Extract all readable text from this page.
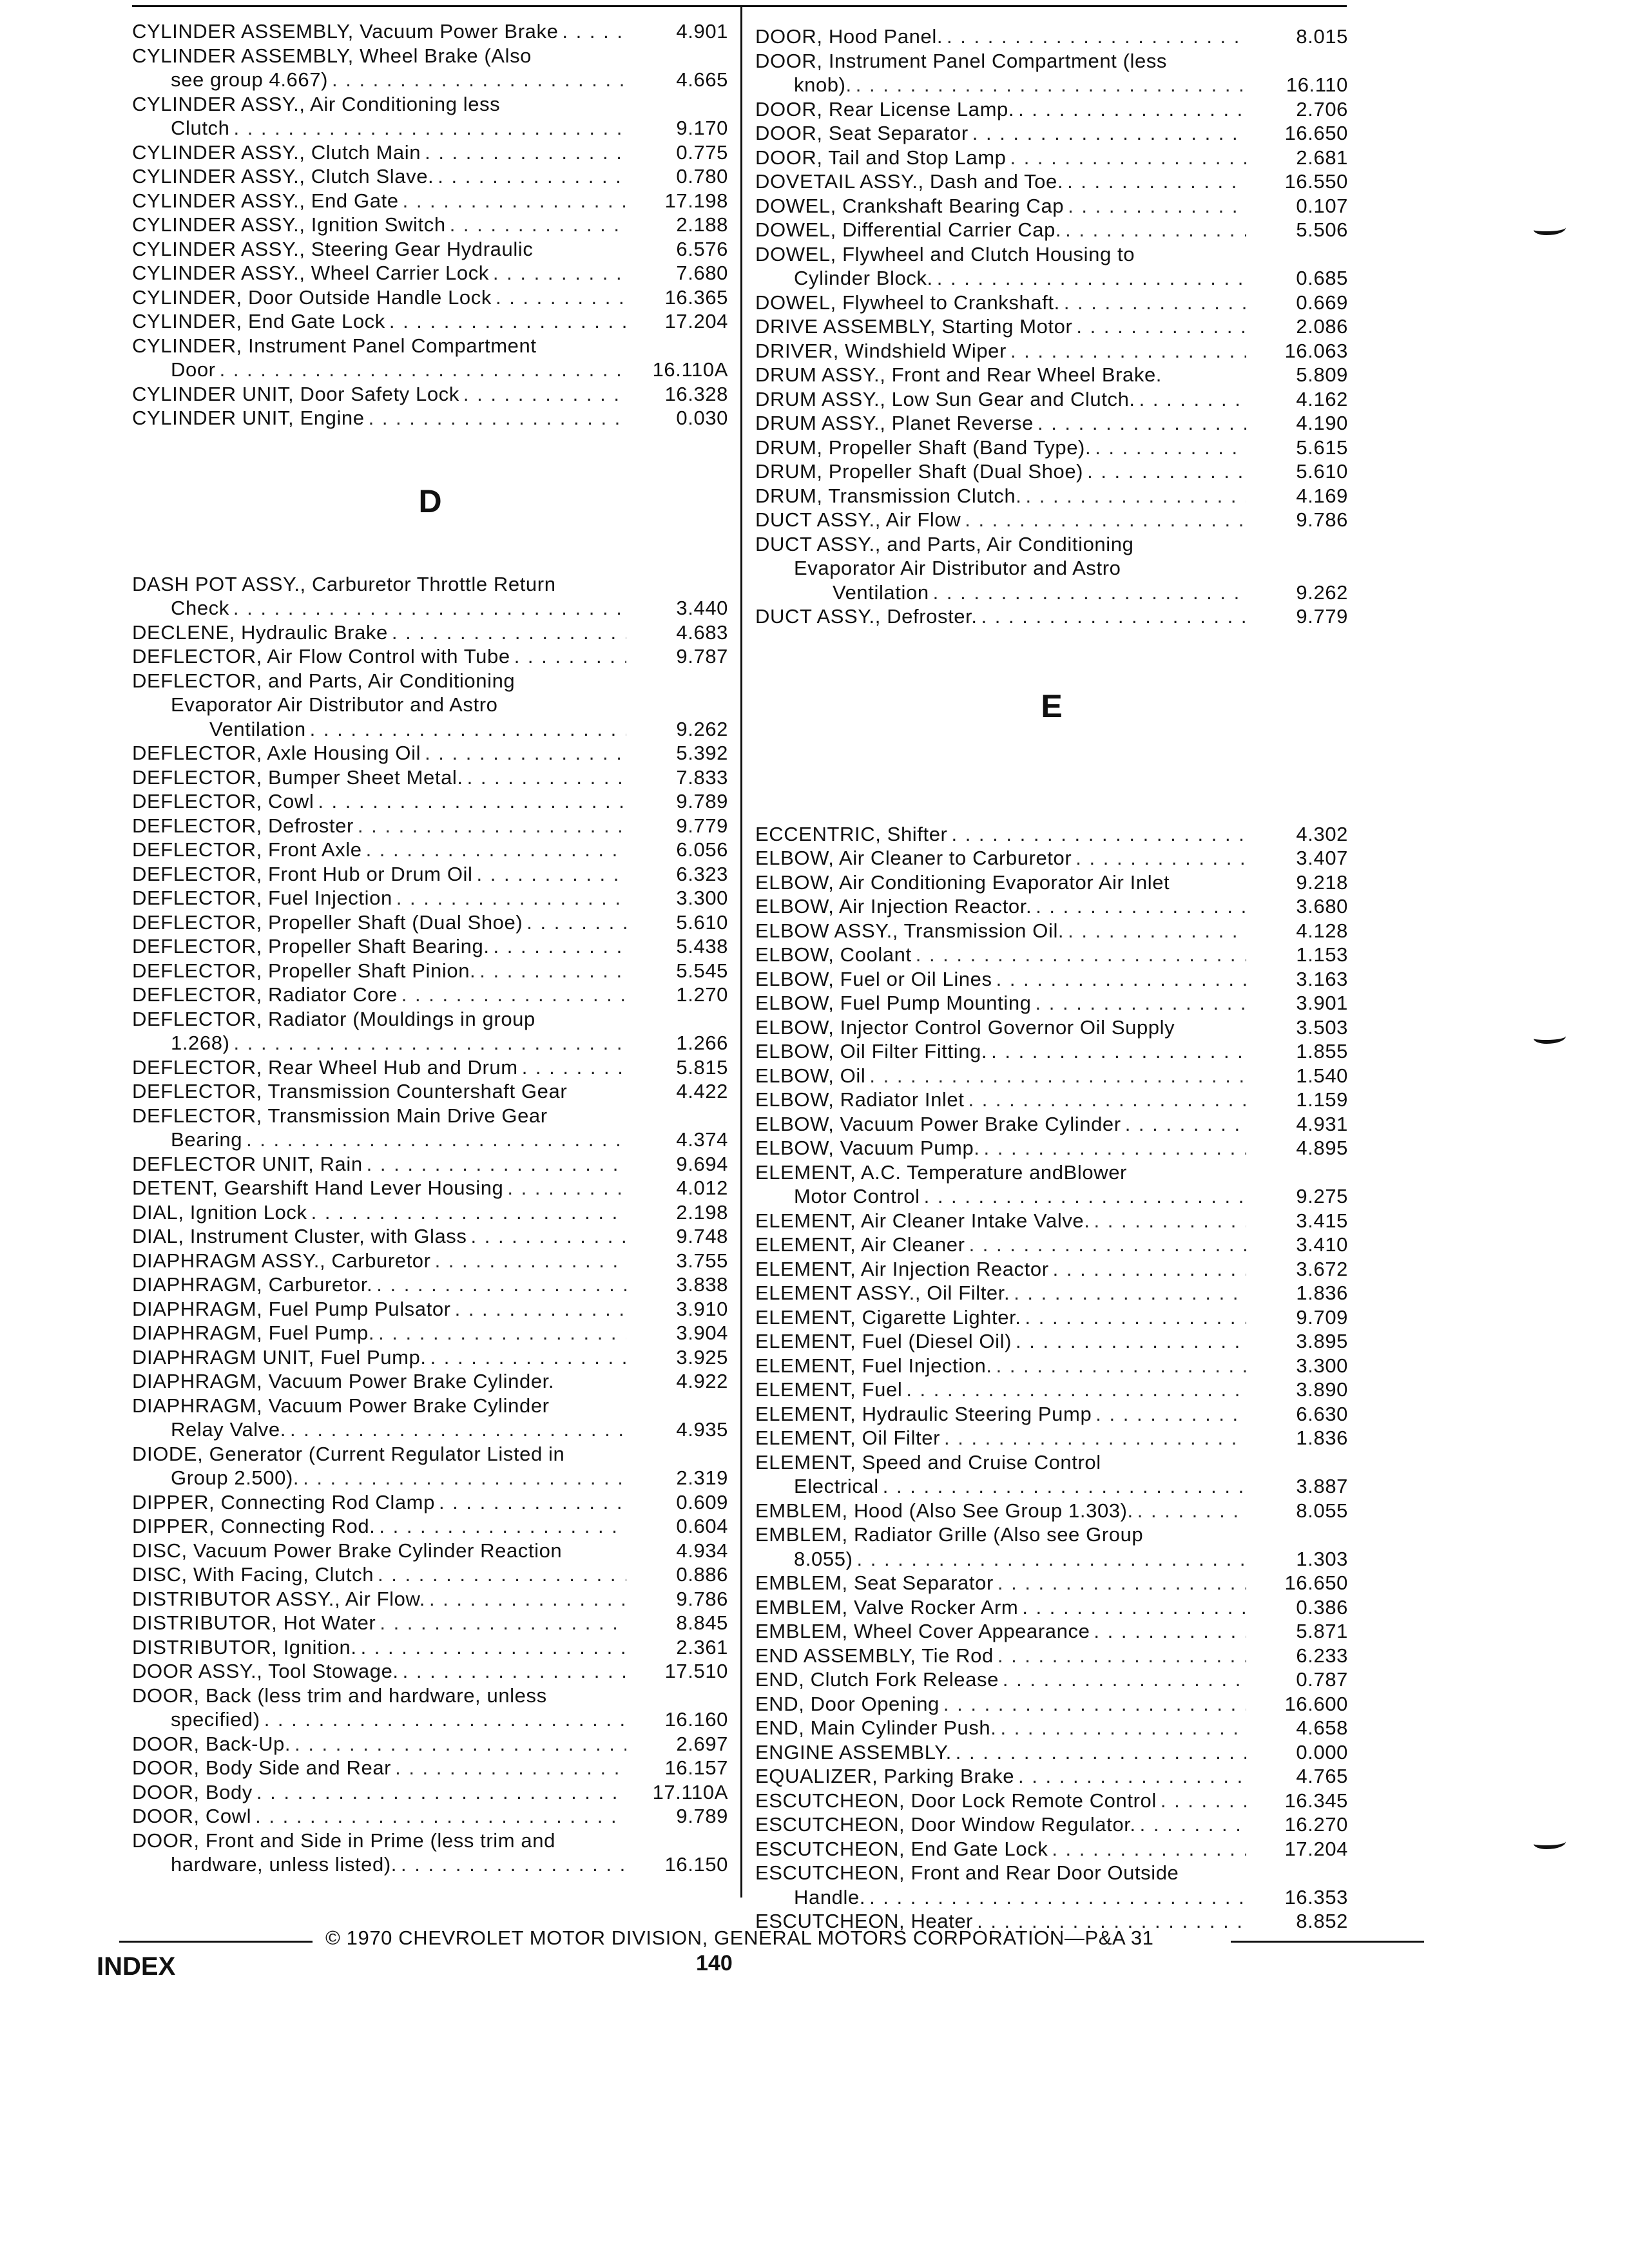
CYLINDER ASSEMBLY, Vacuum Power Brake . . .	4.901
CYLINDER ASSEMBLY, Wheel Brake (Also
see group 4.667) . . .	4.665
CYLINDER ASSY., Air Conditioning less
Clutch . . .	9.170
CYLINDER ASSY., Clutch Main . . .	0.775
CYLINDER ASSY., Clutch Slave. . . .	0.780
CYLINDER ASSY., End Gate . . .	17.198
CYLINDER ASSY., Ignition Switch . . .	2.188
CYLINDER ASSY., Steering Gear Hydraulic	6.576
CYLINDER ASSY., Wheel Carrier Lock . . .	7.680
CYLINDER, Door Outside Handle Lock . . .	16.365
CYLINDER, End Gate Lock . . .	17.204
CYLINDER, Instrument Panel Compartment
Door . . .	16.110A
CYLINDER UNIT, Door Safety Lock . . .	16.328
CYLINDER UNIT, Engine . . .	0.030
D
DASH POT ASSY., Carburetor Throttle Return
Check . . .	3.440
DECLENE, Hydraulic Brake . . .	4.683
DEFLECTOR, Air Flow Control with Tube . . .	9.787
DEFLECTOR, and Parts, Air Conditioning
Evaporator Air Distributor and Astro
Ventilation . . .	9.262
DEFLECTOR, Axle Housing Oil . . .	5.392
DEFLECTOR, Bumper Sheet Metal. . . .	7.833
DEFLECTOR, Cowl . . .	9.789
DEFLECTOR, Defroster . . .	9.779
DEFLECTOR, Front Axle . . .	6.056
DEFLECTOR, Front Hub or Drum Oil . . .	6.323
DEFLECTOR, Fuel Injection . . .	3.300
DEFLECTOR, Propeller Shaft (Dual Shoe) . . .	5.610
DEFLECTOR, Propeller Shaft Bearing. . . .	5.438
DEFLECTOR, Propeller Shaft Pinion. . . .	5.545
DEFLECTOR, Radiator Core . . .	1.270
DEFLECTOR, Radiator (Mouldings in group
1.268) . . .	1.266
DEFLECTOR, Rear Wheel Hub and Drum . . .	5.815
DEFLECTOR, Transmission Countershaft Gear	4.422
DEFLECTOR, Transmission Main Drive Gear
Bearing . . .	4.374
DEFLECTOR UNIT, Rain . . .	9.694
DETENT, Gearshift Hand Lever Housing . . .	4.012
DIAL, Ignition Lock . . .	2.198
DIAL, Instrument Cluster, with Glass . . .	9.748
DIAPHRAGM ASSY., Carburetor . . .	3.755
DIAPHRAGM, Carburetor. . . .	3.838
DIAPHRAGM, Fuel Pump Pulsator . . .	3.910
DIAPHRAGM, Fuel Pump. . . .	3.904
DIAPHRAGM UNIT, Fuel Pump. . . .	3.925
DIAPHRAGM, Vacuum Power Brake Cylinder.	4.922
DIAPHRAGM, Vacuum Power Brake Cylinder
Relay Valve. . . .	4.935
DIODE, Generator (Current Regulator Listed in
Group 2.500). . . .	2.319
DIPPER, Connecting Rod Clamp . . .	0.609
DIPPER, Connecting Rod. . . .	0.604
DISC, Vacuum Power Brake Cylinder Reaction	4.934
DISC, With Facing, Clutch . . .	0.886
DISTRIBUTOR ASSY., Air Flow. . . .	9.786
DISTRIBUTOR, Hot Water . . .	8.845
DISTRIBUTOR, Ignition. . . .	2.361
DOOR ASSY., Tool Stowage. . . .	17.510
DOOR, Back (less trim and hardware, unless
specified) . . .	16.160
DOOR, Back-Up. . . .	2.697
DOOR, Body Side and Rear . . .	16.157
DOOR, Body . . .	17.110A
DOOR, Cowl . . .	9.789
DOOR, Front and Side in Prime (less trim and
hardware, unless listed). . . .	16.150
DOOR, Hood Panel. . . .	8.015
DOOR, Instrument Panel Compartment (less
knob). . . .	16.110
DOOR, Rear License Lamp. . . .	2.706
DOOR, Seat Separator . . .	16.650
DOOR, Tail and Stop Lamp . . .	2.681
DOVETAIL ASSY., Dash and Toe. . . .	16.550
DOWEL, Crankshaft Bearing Cap . . .	0.107
DOWEL, Differential Carrier Cap. . . .	5.506
DOWEL, Flywheel and Clutch Housing to
Cylinder Block. . . .	0.685
DOWEL, Flywheel to Crankshaft. . . .	0.669
DRIVE ASSEMBLY, Starting Motor . . .	2.086
DRIVER, Windshield Wiper . . .	16.063
DRUM ASSY., Front and Rear Wheel Brake.	5.809
DRUM ASSY., Low Sun Gear and Clutch. . . .	4.162
DRUM ASSY., Planet Reverse . . .	4.190
DRUM, Propeller Shaft (Band Type). . . .	5.615
DRUM, Propeller Shaft (Dual Shoe) . . .	5.610
DRUM, Transmission Clutch. . . .	4.169
DUCT ASSY., Air Flow . . .	9.786
DUCT ASSY., and Parts, Air Conditioning
Evaporator Air Distributor and Astro
Ventilation . . .	9.262
DUCT ASSY., Defroster. . . .	9.779
E
ECCENTRIC, Shifter . . .	4.302
ELBOW, Air Cleaner to Carburetor . . .	3.407
ELBOW, Air Conditioning Evaporator Air Inlet	9.218
ELBOW, Air Injection Reactor. . . .	3.680
ELBOW ASSY., Transmission Oil. . . .	4.128
ELBOW, Coolant . . .	1.153
ELBOW, Fuel or Oil Lines . . .	3.163
ELBOW, Fuel Pump Mounting . . .	3.901
ELBOW, Injector Control Governor Oil Supply	3.503
ELBOW, Oil Filter Fitting. . . .	1.855
ELBOW, Oil . . .	1.540
ELBOW, Radiator Inlet . . .	1.159
ELBOW, Vacuum Power Brake Cylinder . . .	4.931
ELBOW, Vacuum Pump. . . .	4.895
ELEMENT, A.C. Temperature andBlower
Motor Control . . .	9.275
ELEMENT, Air Cleaner Intake Valve. . . .	3.415
ELEMENT, Air Cleaner . . .	3.410
ELEMENT, Air Injection Reactor . . .	3.672
ELEMENT ASSY., Oil Filter. . . .	1.836
ELEMENT, Cigarette Lighter. . . .	9.709
ELEMENT, Fuel (Diesel Oil) . . .	3.895
ELEMENT, Fuel Injection. . . .	3.300
ELEMENT, Fuel . . .	3.890
ELEMENT, Hydraulic Steering Pump . . .	6.630
ELEMENT, Oil Filter . . .	1.836
ELEMENT, Speed and Cruise Control
Electrical . . .	3.887
EMBLEM, Hood (Also See Group 1.303). . . .	8.055
EMBLEM, Radiator Grille (Also see Group
8.055) . . .	1.303
EMBLEM, Seat Separator . . .	16.650
EMBLEM, Valve Rocker Arm . . .	0.386
EMBLEM, Wheel Cover Appearance . . .	5.871
END ASSEMBLY, Tie Rod . . .	6.233
END, Clutch Fork Release . . .	0.787
END, Door Opening . . .	16.600
END, Main Cylinder Push. . . .	4.658
ENGINE ASSEMBLY. . . .	0.000
EQUALIZER, Parking Brake . . .	4.765
ESCUTCHEON, Door Lock Remote Control . . .	16.345
ESCUTCHEON, Door Window Regulator. . . .	16.270
ESCUTCHEON, End Gate Lock . . .	17.204
ESCUTCHEON, Front and Rear Door Outside
Handle. . . .	16.353
ESCUTCHEON, Heater . . .	8.852
INDEX
© 1970 CHEVROLET MOTOR DIVISION, GENERAL MOTORS CORPORATION—P&A 31
140
